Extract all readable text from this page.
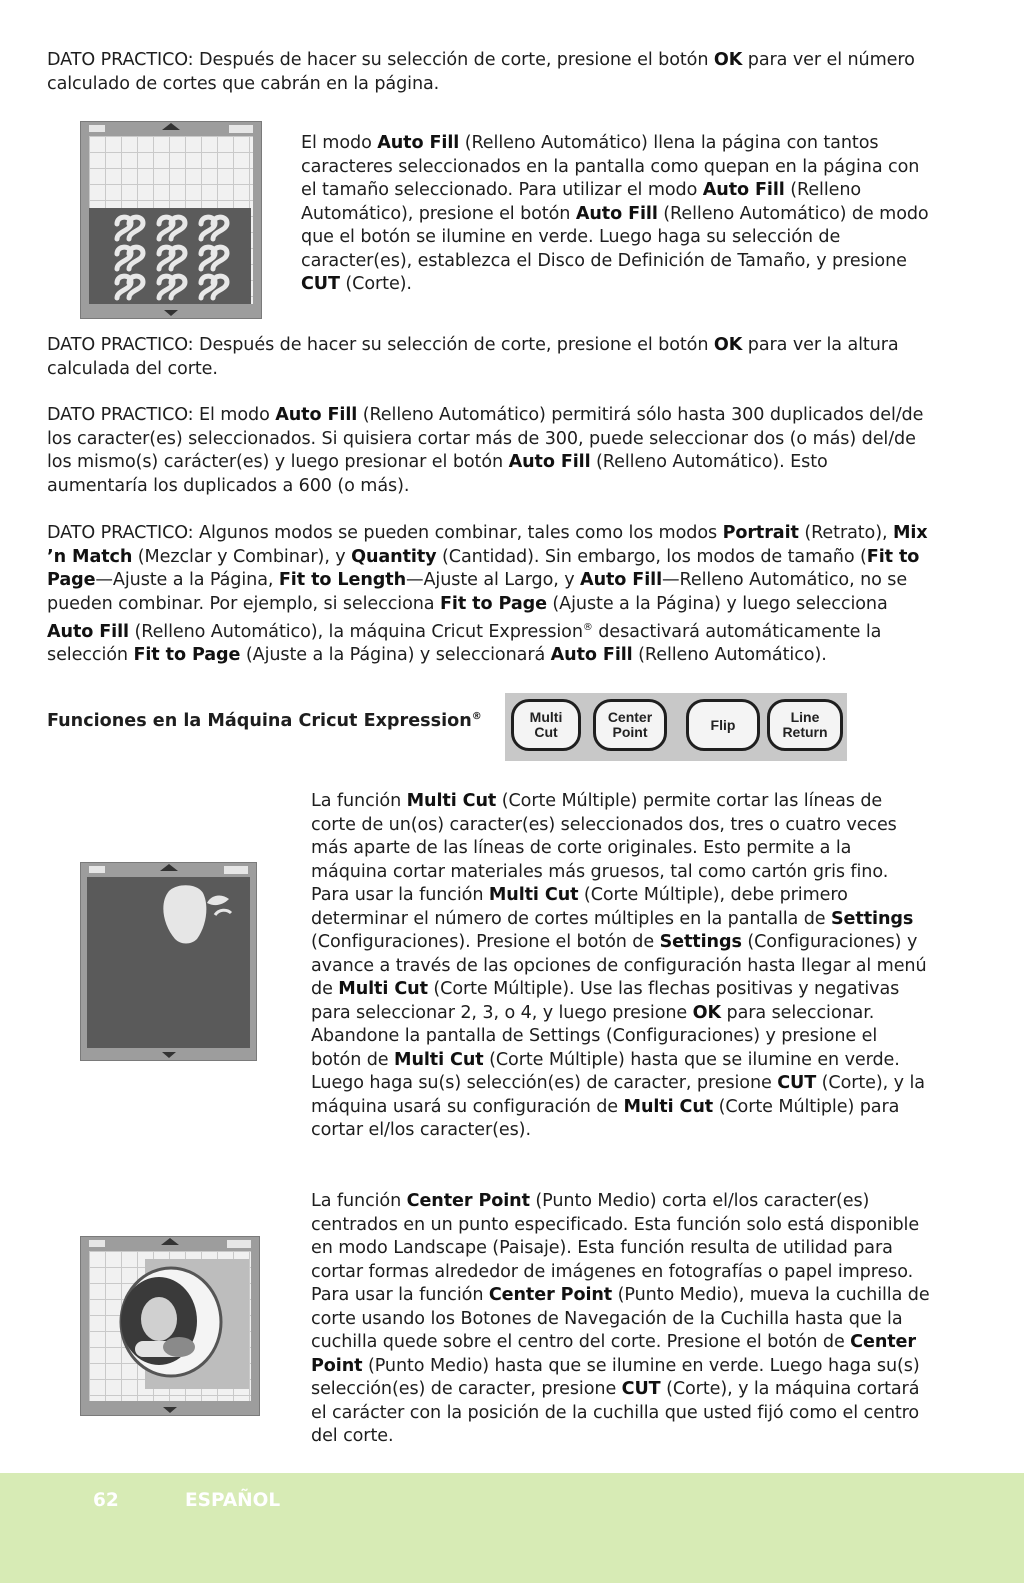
DATO PRACTICO: Después de hacer su selección de corte, presione el botón OK para ver el número calculado de cortes que cabrán en la página.

El modo Auto Fill (Relleno Automático) llena la página con tantos caracteres seleccionados en la pantalla como quepan en la página con el tamaño seleccionado. Para utilizar el modo Auto Fill (Relleno Automático), presione el botón Auto Fill (Relleno Automático) de modo que el botón se ilumine en verde. Luego haga su selección de caracter(es), establezca el Disco de Definición de Tamaño, y presione CUT (Corte).

DATO PRACTICO: Después de hacer su selección de corte, presione el botón OK para ver la altura calculada del corte.

DATO PRACTICO: El modo Auto Fill (Relleno Automático) permitirá sólo hasta 300 duplicados del/de los caracter(es) seleccionados. Si quisiera cortar más de 300, puede seleccionar dos (o más) del/de los mismo(s) carácter(es) y luego presionar el botón Auto Fill (Relleno Automático). Esto aumentaría los duplicados a 600 (o más).

DATO PRACTICO: Algunos modos se pueden combinar, tales como los modos Portrait (Retrato), Mix ’n Match (Mezclar y Combinar), y Quantity (Cantidad). Sin embargo, los modos de tamaño (Fit to Page—Ajuste a la Página, Fit to Length—Ajuste al Largo, y Auto Fill—Relleno Automático, no se pueden combinar. Por ejemplo, si selecciona Fit to Page (Ajuste a la Página) y luego selecciona Auto Fill (Relleno Automático), la máquina Cricut Expression® desactivará automáticamente la selección Fit to Page (Ajuste a la Página) y seleccionará Auto Fill (Relleno Automático).

Funciones en la Máquina Cricut Expression®	Multi
Cut
Center
Point	Flip	Line
Return

La función Multi Cut (Corte Múltiple) permite cortar las líneas de corte de un(os) caracter(es) seleccionados dos, tres o cuatro veces más aparte de las líneas de corte originales. Esto permite a la máquina cortar materiales más gruesos, tal como cartón gris fino. Para usar la función Multi Cut (Corte Múltiple), debe primero determinar el número de cortes múltiples en la pantalla de Settings (Configuraciones). Presione el botón de Settings (Configuraciones) y avance a través de las opciones de configuración hasta llegar al menú de Multi Cut (Corte Múltiple). Use las flechas positivas y negativas para seleccionar 2, 3, o 4, y luego presione OK para seleccionar. Abandone la pantalla de Settings (Configuraciones) y presione el botón de Multi Cut (Corte Múltiple) hasta que se ilumine en verde. Luego haga su(s) selección(es) de caracter, presione CUT (Corte), y la máquina usará su configuración de Multi Cut (Corte Múltiple) para cortar el/los caracter(es).

La función Center Point (Punto Medio) corta el/los caracter(es) centrados en un punto especificado. Esta función solo está disponible en modo Landscape (Paisaje). Esta función resulta de utilidad para cortar formas alrededor de imágenes en fotografías o papel impreso. Para usar la función Center Point (Punto Medio), mueva la cuchilla de corte usando los Botones de Navegación de la Cuchilla hasta que la cuchilla quede sobre el centro del corte. Presione el botón de Center Point (Punto Medio) hasta que se ilumine en verde. Luego haga su(s) selección(es) de caracter, presione CUT (Corte), y la máquina cortará el carácter con la posición de la cuchilla que usted fijó como el centro del corte.

62	ESPAÑOL
